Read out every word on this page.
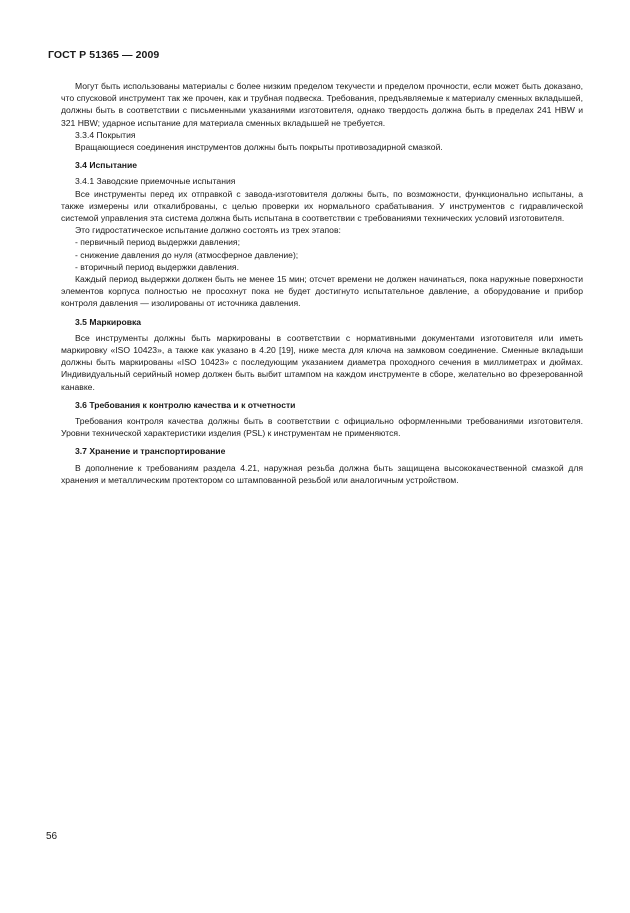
ГОСТ Р 51365 — 2009

Могут быть использованы материалы с более низким пределом текучести и пределом прочности, если может быть доказано, что спусковой инструмент так же прочен, как и трубная подвеска. Требования, предъявляемые к материалу сменных вкладышей, должны быть в соответствии с письменными указаниями изготовителя, однако твердость должна быть в пределах 241 HBW и 321 HBW; ударное испытание для материала сменных вкладышей не требуется.

3.3.4 Покрытия

Вращающиеся соединения инструментов должны быть покрыты противозадирной смазкой.

3.4 Испытание

3.4.1 Заводские приемочные испытания

Все инструменты перед их отправкой с завода-изготовителя должны быть, по возможности, функционально испытаны, а также измерены или откалиброваны, с целью проверки их нормального срабатывания. У инструментов с гидравлической системой управления эта система должна быть испытана в соответствии с требованиями технических условий изготовителя.

Это гидростатическое испытание должно состоять из трех этапов:

- первичный период выдержки давления;

- снижение давления до нуля (атмосферное давление);

- вторичный период выдержки давления.

Каждый период выдержки должен быть не менее 15 мин; отсчет времени не должен начинаться, пока наружные поверхности элементов корпуса полностью не просохнут пока не будет достигнуто испытательное давление, а оборудование и прибор контроля давления — изолированы от источника давления.

3.5 Маркировка

Все инструменты должны быть маркированы в соответствии с нормативными документами изготовителя или иметь маркировку «ISO 10423», а также как указано в 4.20 [19], ниже места для ключа на замковом соединение. Сменные вкладыши должны быть маркированы «ISO 10423» с последующим указанием диаметра проходного сечения в миллиметрах и дюймах. Индивидуальный серийный номер должен быть выбит штампом на каждом инструменте в сборе, желательно во фрезерованной канавке.

3.6 Требования к контролю качества и к отчетности

Требования контроля качества должны быть в соответствии с официально оформленными требованиями изготовителя. Уровни технической характеристики изделия (PSL) к инструментам не применяются.

3.7 Хранение и транспортирование

В дополнение к требованиям раздела 4.21, наружная резьба должна быть защищена высококачественной смазкой для хранения и металлическим протектором со штампованной резьбой или аналогичным устройством.

56
